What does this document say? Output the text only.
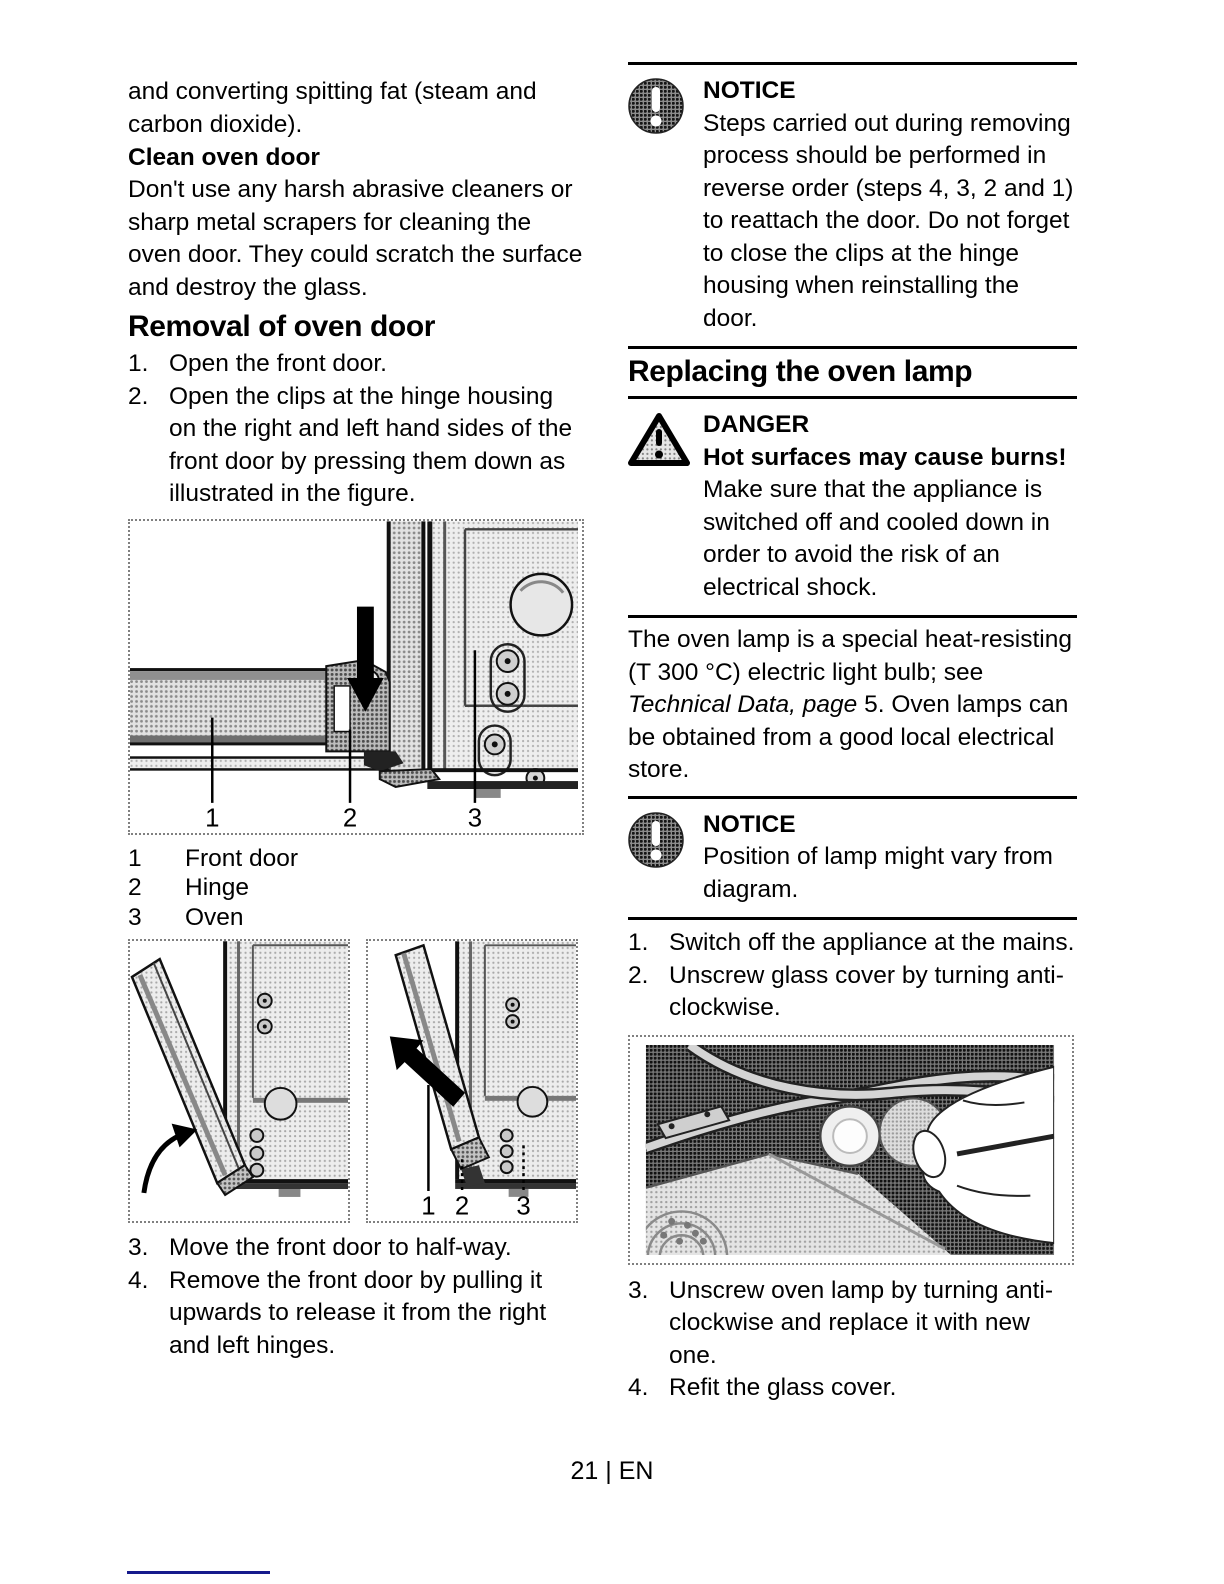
and converting spitting fat (steam and carbon dioxide).

Clean oven door

Don't use any harsh abrasive cleaners or sharp metal scrapers for cleaning the oven door. They could scratch the surface and destroy the glass.

Removal of oven door
1. Open the front door.
2. Open the clips at the hinge housing on the right and left hand sides of the front door by pressing them down as illustrated in the figure.
1	2	3
1	Front door
2	Hinge
3	Oven
1 2 3
3. Move the front door to half-way.
4. Remove the front door by pulling it upwards to release it from the right and left hinges.
NOTICE
Steps carried out during removing process should be performed in reverse order (steps 4, 3, 2 and 1) to reattach the door. Do not forget to close the clips at the hinge housing when reinstalling the door.
Replacing the oven lamp
DANGER
Hot surfaces may cause burns!
Make sure that the appliance is switched off and cooled down in order to avoid the risk of an electrical shock.

The oven lamp is a special heat-resisting (T 300 °C) electric light bulb; see Technical Data, page 5. Oven lamps can be obtained from a good local electrical store.

NOTICE
Position of lamp might vary from diagram.
1. Switch off the appliance at the mains.
2. Unscrew glass cover by turning anti-clockwise.
3. Unscrew oven lamp by turning anti-clockwise and replace it with new one.
4. Refit the glass cover.
21 | EN
